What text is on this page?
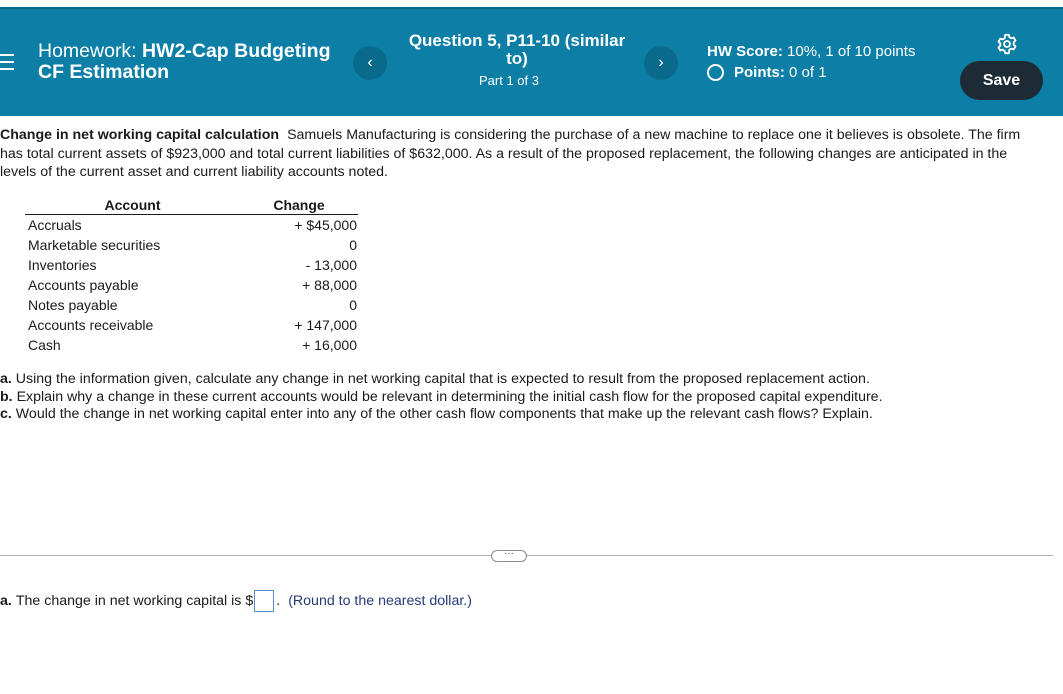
Homework: HW2-Cap Budgeting
CF Estimation	‹
Question 5, P11-10 (similar to)
Part 1 of 3
›
HW Score: 10%, 1 of 10 points
Points:
0 of 1	Save
Change in net working capital calculation Samuels Manufacturing is considering the purchase of a new machine to replace one it believes is obsolete. The firm has total current assets of $923,000 and total current liabilities of $632,000. As a result of the proposed replacement, the following changes are anticipated in the levels of the current asset and current liability accounts noted.
Account	Change
Accruals	+ $45,000
Marketable securities	0
Inventories	- 13,000
Accounts payable	+ 88,000
Notes payable	0
Accounts receivable	+ 147,000
Cash	+ 16,000
a. Using the information given, calculate any change in net working capital that is expected to result from the proposed replacement action.
b. Explain why a change in these current accounts would be relevant in determining the initial cash flow for the proposed capital expenditure.
c. Would the change in net working capital enter into any of the other cash flow components that make up the relevant cash flows? Explain.
···
a. The change in net working capital is $ . (Round to the nearest dollar.)
